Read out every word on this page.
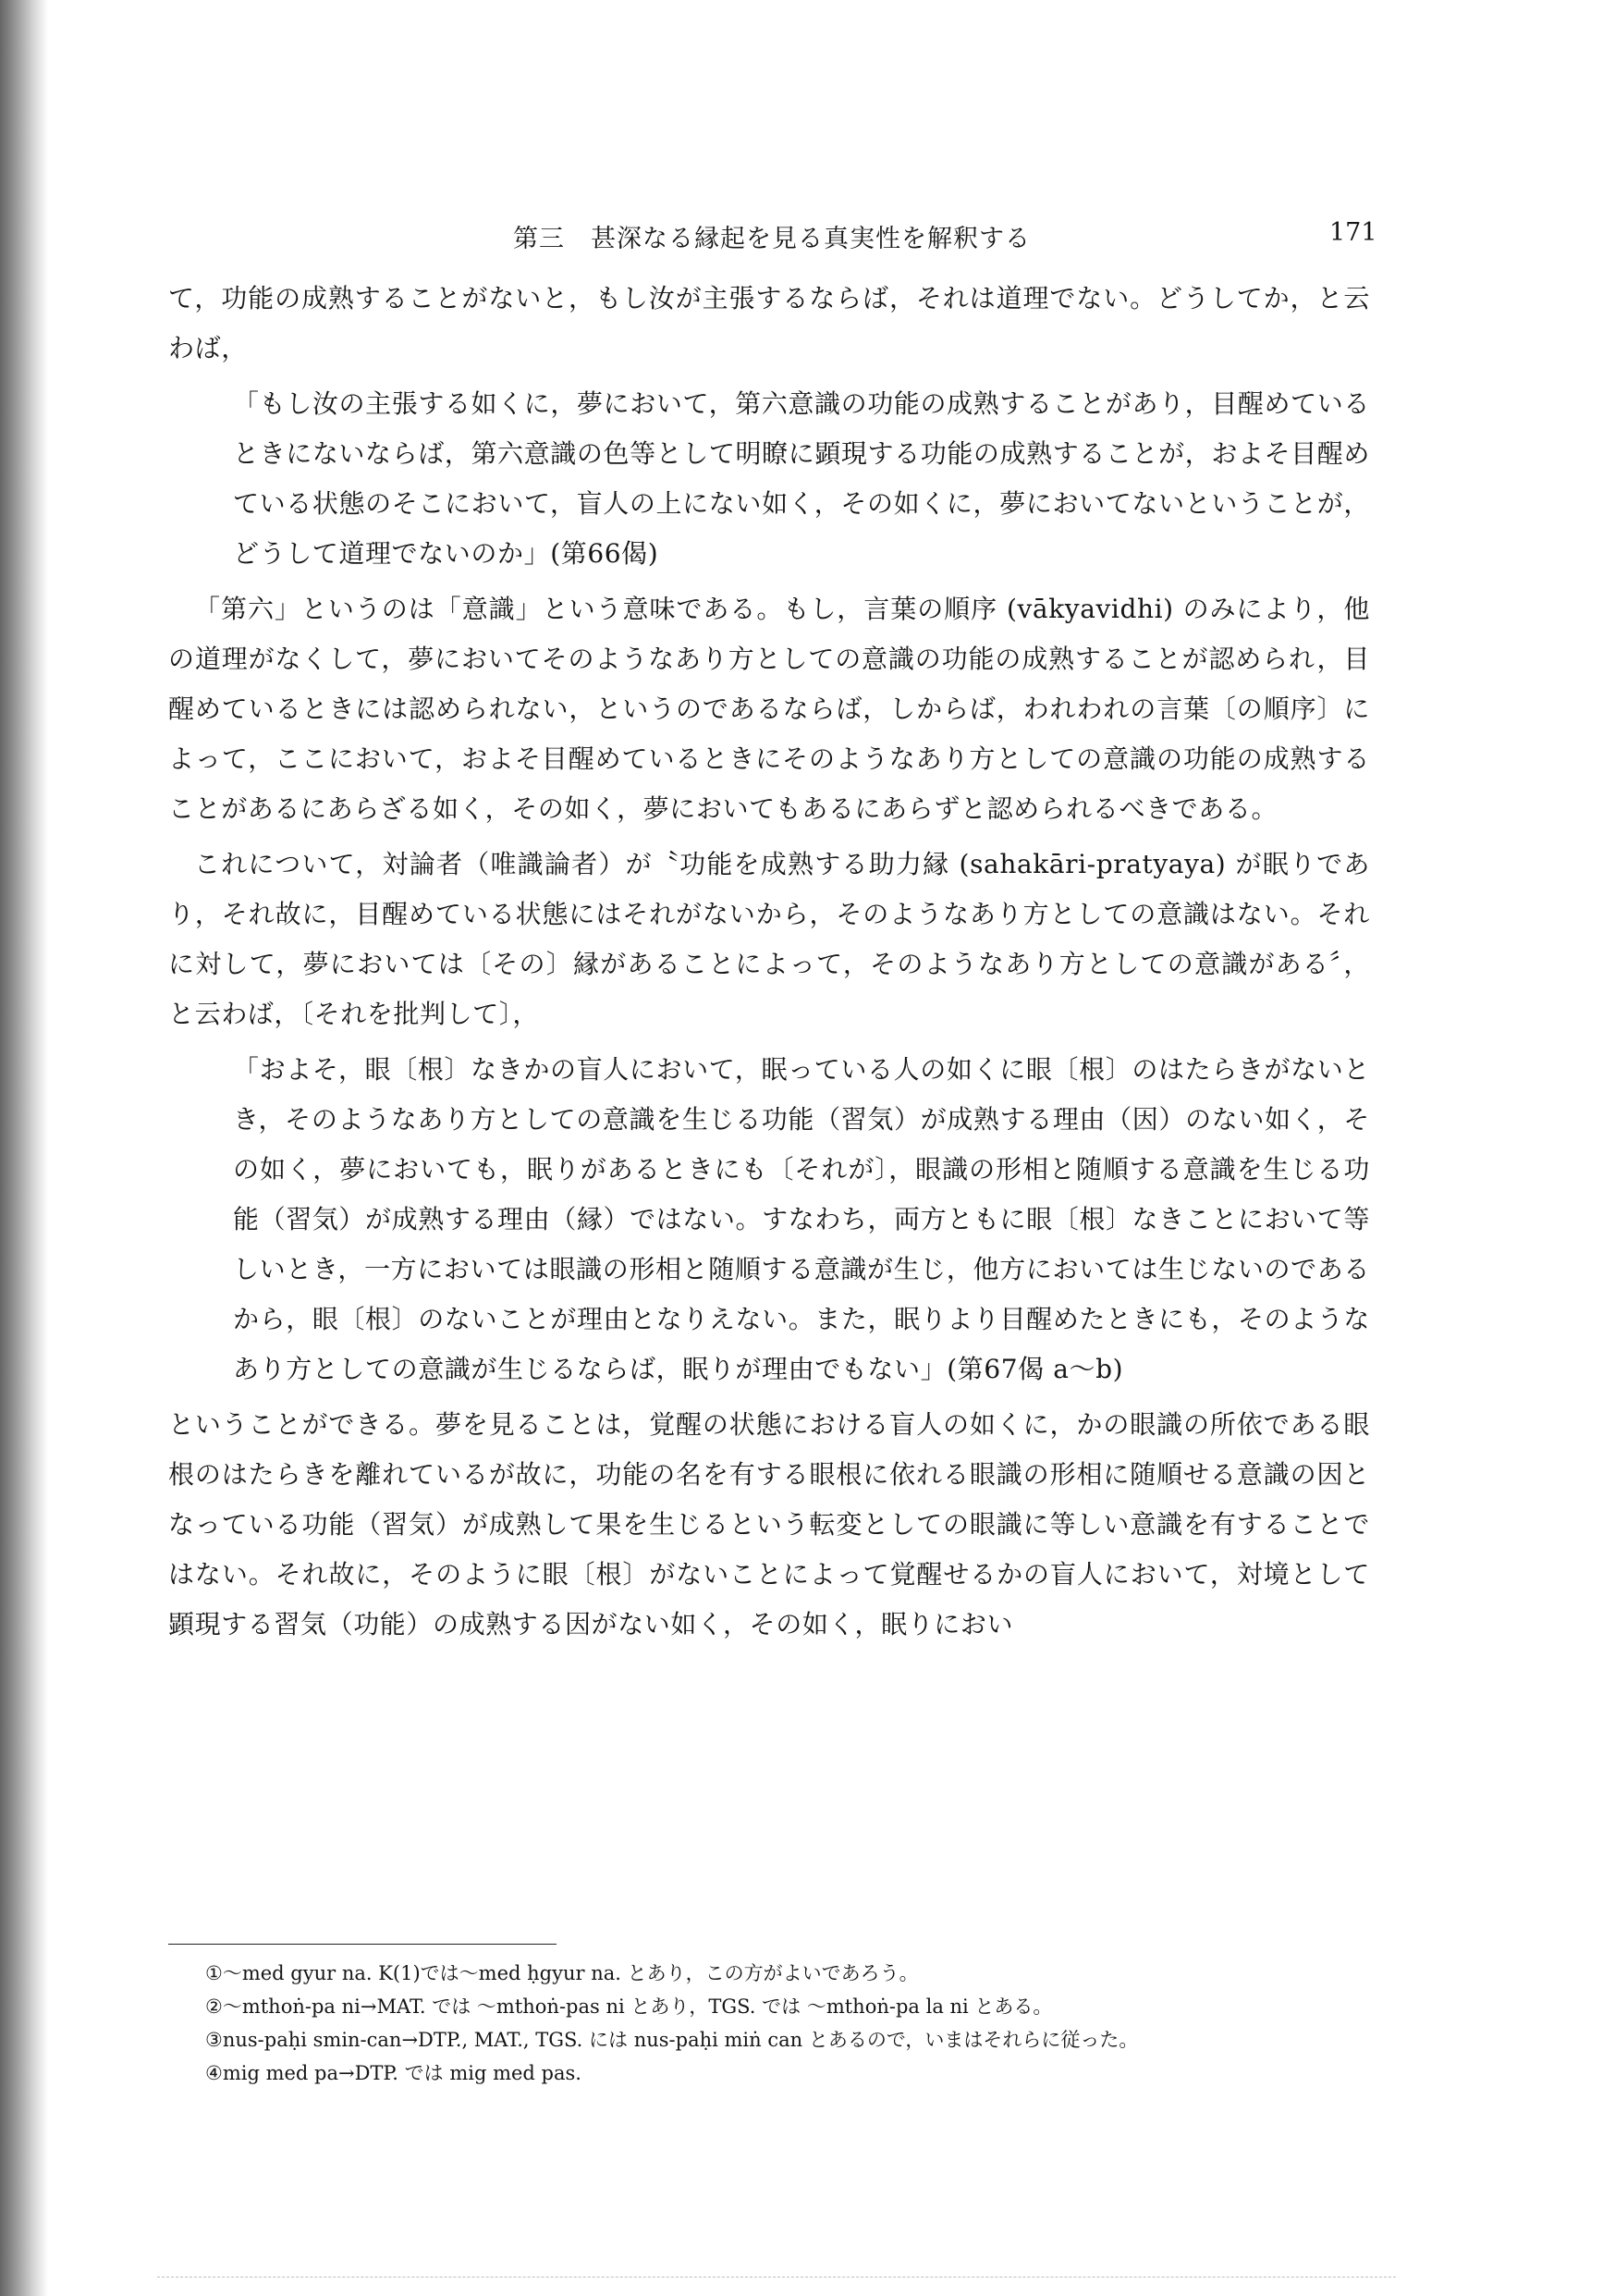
第三　甚深なる縁起を見る真実性を解釈する	171

て，功能の成熟することがないと，もし汝が主張するならば，それは道理でない。どうしてか，と云わば，

「もし汝の主張する如くに，夢において，第六意識の功能の成熟することがあり，目醒めているときにないならば，第六意識の色等として明瞭に顕現する功能の成熟することが，およそ目醒めている状態のそこにおいて，盲人の上にない如く，その如くに，夢においてないということが，どうして道理でないのか」(第66偈)

「第六」というのは「意識」という意味である。もし，言葉の順序 (vākyavidhi) のみにより，他の道理がなくして，夢においてそのようなあり方としての意識の功能の成熟することが認められ，目醒めているときには認められない，というのであるならば，しからば，われわれの言葉〔の順序〕によって，ここにおいて，およそ目醒めているときにそのようなあり方としての意識の功能の成熟することがあるにあらざる如く，その如く，夢においてもあるにあらずと認められるべきである。

これについて，対論者（唯識論者）が〝功能を成熟する助力縁 (sahakāri-pratyaya) が眠りであり，それ故に，目醒めている状態にはそれがないから，そのようなあり方としての意識はない。それに対して，夢においては〔その〕縁があることによって，そのようなあり方としての意識がある〞，と云わば，〔それを批判して〕，

「およそ，眼〔根〕なきかの盲人において，眠っている人の如くに眼〔根〕のはたらきがないとき，そのようなあり方としての意識を生じる功能（習気）が成熟する理由（因）のない如く，その如く，夢においても，眠りがあるときにも〔それが〕，眼識の形相と随順する意識を生じる功能（習気）が成熟する理由（縁）ではない。すなわち，両方ともに眼〔根〕なきことにおいて等しいとき，一方においては眼識の形相と随順する意識が生じ，他方においては生じないのであるから，眼〔根〕のないことが理由となりえない。また，眠りより目醒めたときにも，そのようなあり方としての意識が生じるならば，眠りが理由でもない」(第67偈 a～b)

ということができる。夢を見ることは，覚醒の状態における盲人の如くに，かの眼識の所依である眼根のはたらきを離れているが故に，功能の名を有する眼根に依れる眼識の形相に随順せる意識の因となっている功能（習気）が成熟して果を生じるという転変としての眼識に等しい意識を有することではない。それ故に，そのように眼〔根〕がないことによって覚醒せるかの盲人において，対境として顕現する習気（功能）の成熟する因がない如く，その如く，眠りにおい

①～med gyur na. K(1)では～med ḥgyur na. とあり，この方がよいであろう。

②～mthoṅ-pa ni→MAT. では ～mthoṅ-pas ni とあり，TGS. では ～mthoṅ-pa la ni とある。

③nus-paḥi smin-can→DTP., MAT., TGS. には nus-paḥi miṅ can とあるので，いまはそれらに従った。

④mig med pa→DTP. では mig med pas.
